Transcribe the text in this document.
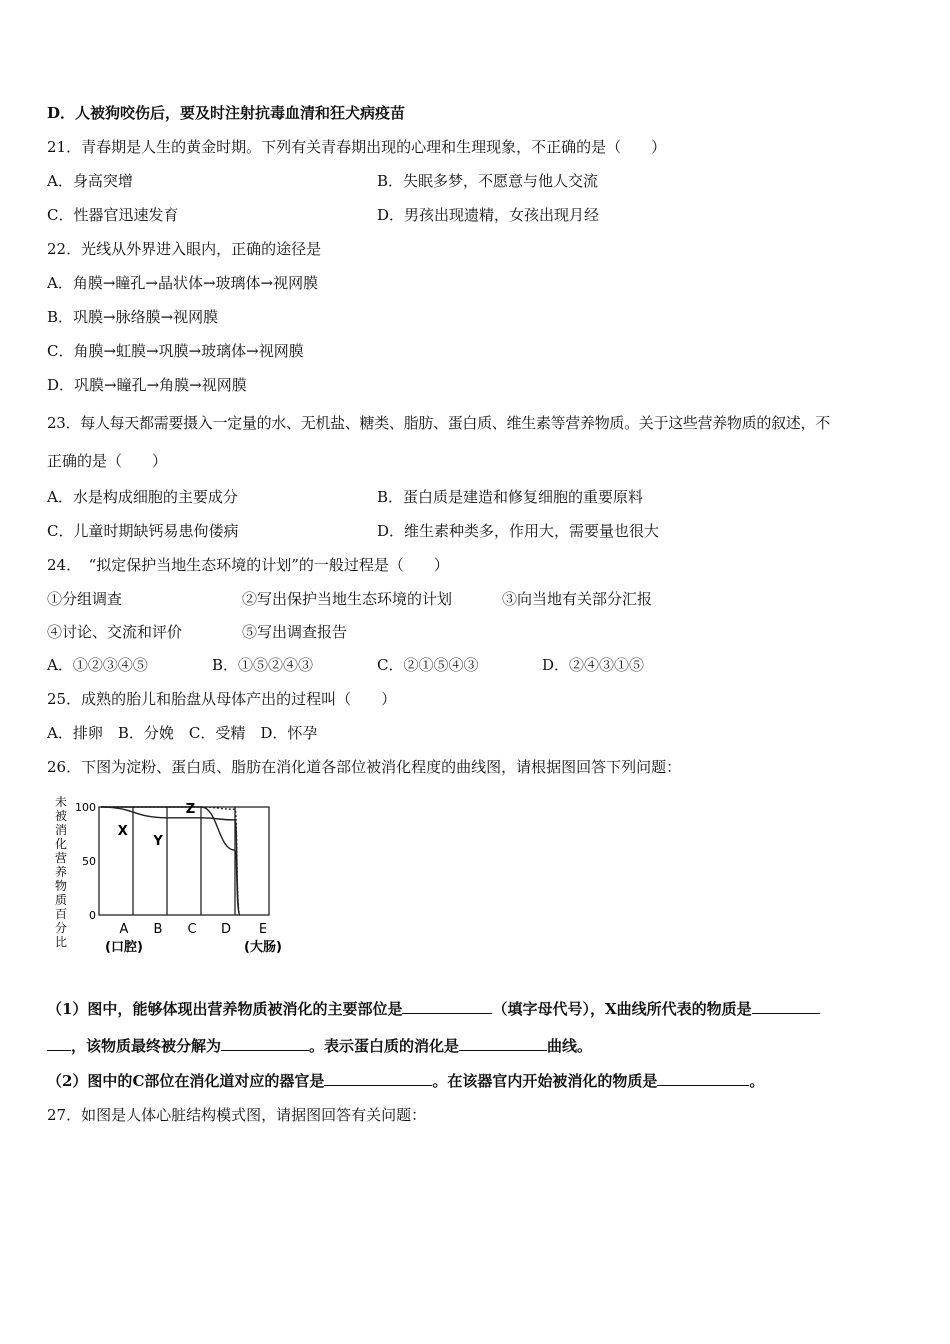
D．人被狗咬伤后，要及时注射抗毒血清和狂犬病疫苗
21．青春期是人生的黄金时期。下列有关青春期出现的心理和生理现象，不正确的是（　　）
A．身高突增	B．失眠多梦，不愿意与他人交流
C．性器官迅速发育	D．男孩出现遗精，女孩出现月经
22．光线从外界进入眼内，正确的途径是
A．角膜→瞳孔→晶状体→玻璃体→视网膜
B．巩膜→脉络膜→视网膜
C．角膜→虹膜→巩膜→玻璃体→视网膜
D．巩膜→瞳孔→角膜→视网膜
23．每人每天都需要摄入一定量的水、无机盐、糖类、脂肪、蛋白质、维生素等营养物质。关于这些营养物质的叙述，不
正确的是（　　）
A．水是构成细胞的主要成分	B．蛋白质是建造和修复细胞的重要原料
C．儿童时期缺钙易患佝偻病	D．维生素种类多，作用大，需要量也很大
24．　“拟定保护当地生态环境的计划”的一般过程是（　　）
①分组调查	②写出保护当地生态环境的计划	③向当地有关部分汇报
④讨论、交流和评价	⑤写出调查报告
A．①②③④⑤	B．①⑤②④③	C．②①⑤④③	D．②④③①⑤
25．成熟的胎儿和胎盘从母体产出的过程叫（　　）
A．排卵　B．分娩　C．受精　D．怀孕
26．下图为淀粉、蛋白质、脂肪在消化道各部位被消化程度的曲线图，请根据图回答下列问题：
未
被
消
化
营
养
物
质
百
分
比
100
50
0
X
Y
Z
A
(口腔)
B C D E
(大肠)
（1）图中，能够体现出营养物质被消化的主要部位是	（填字母代号），X曲线所代表的物质是
，该物质最终被分解为	。表示蛋白质的消化是	曲线。
（2）图中的C部位在消化道对应的器官是	。在该器官内开始被消化的物质是	。
27．如图是人体心脏结构模式图，请据图回答有关问题：
